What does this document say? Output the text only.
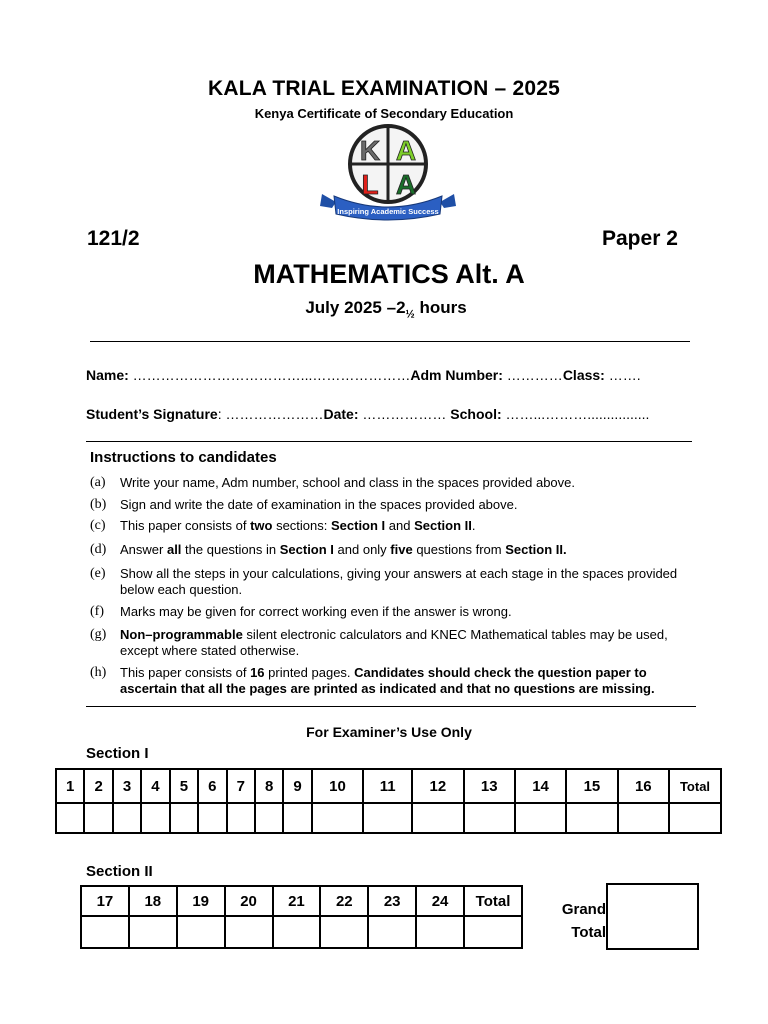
KALA TRIAL EXAMINATION – 2025
Kenya Certificate of Secondary Education
K A
L A
Inspiring Academic Success
121/2	Paper 2
MATHEMATICS Alt. A
July 2025 $-2_{\frac{1}{2}}$ hours
Name: ………………………………...…………………Adm Number: …………Class: …….
Student’s Signature: …………………Date: ……………… School: ……...………................
Instructions to candidates
(a) Write your name, Adm number, school and class in the spaces provided above.
(b) Sign and write the date of examination in the spaces provided above.
(c) This paper consists of two sections: Section I and Section II.
(d) Answer all the questions in Section I and only five questions from Section II.
(e) Show all the steps in your calculations, giving your answers at each stage in the spaces provided below each question.
(f) Marks may be given for correct working even if the answer is wrong.
(g) Non–programmable silent electronic calculators and KNEC Mathematical tables may be used, except where stated otherwise.
(h) This paper consists of 16 printed pages. Candidates should check the question paper to ascertain that all the pages are printed as indicated and that no questions are missing.
For Examiner’s Use Only
Section I
1	2	3	4	5	6	7	8	9	10	11	12	13	14	15	16	Total

Section II
17	18	19	20	21	22	23	24	Total
									Grand
Total
